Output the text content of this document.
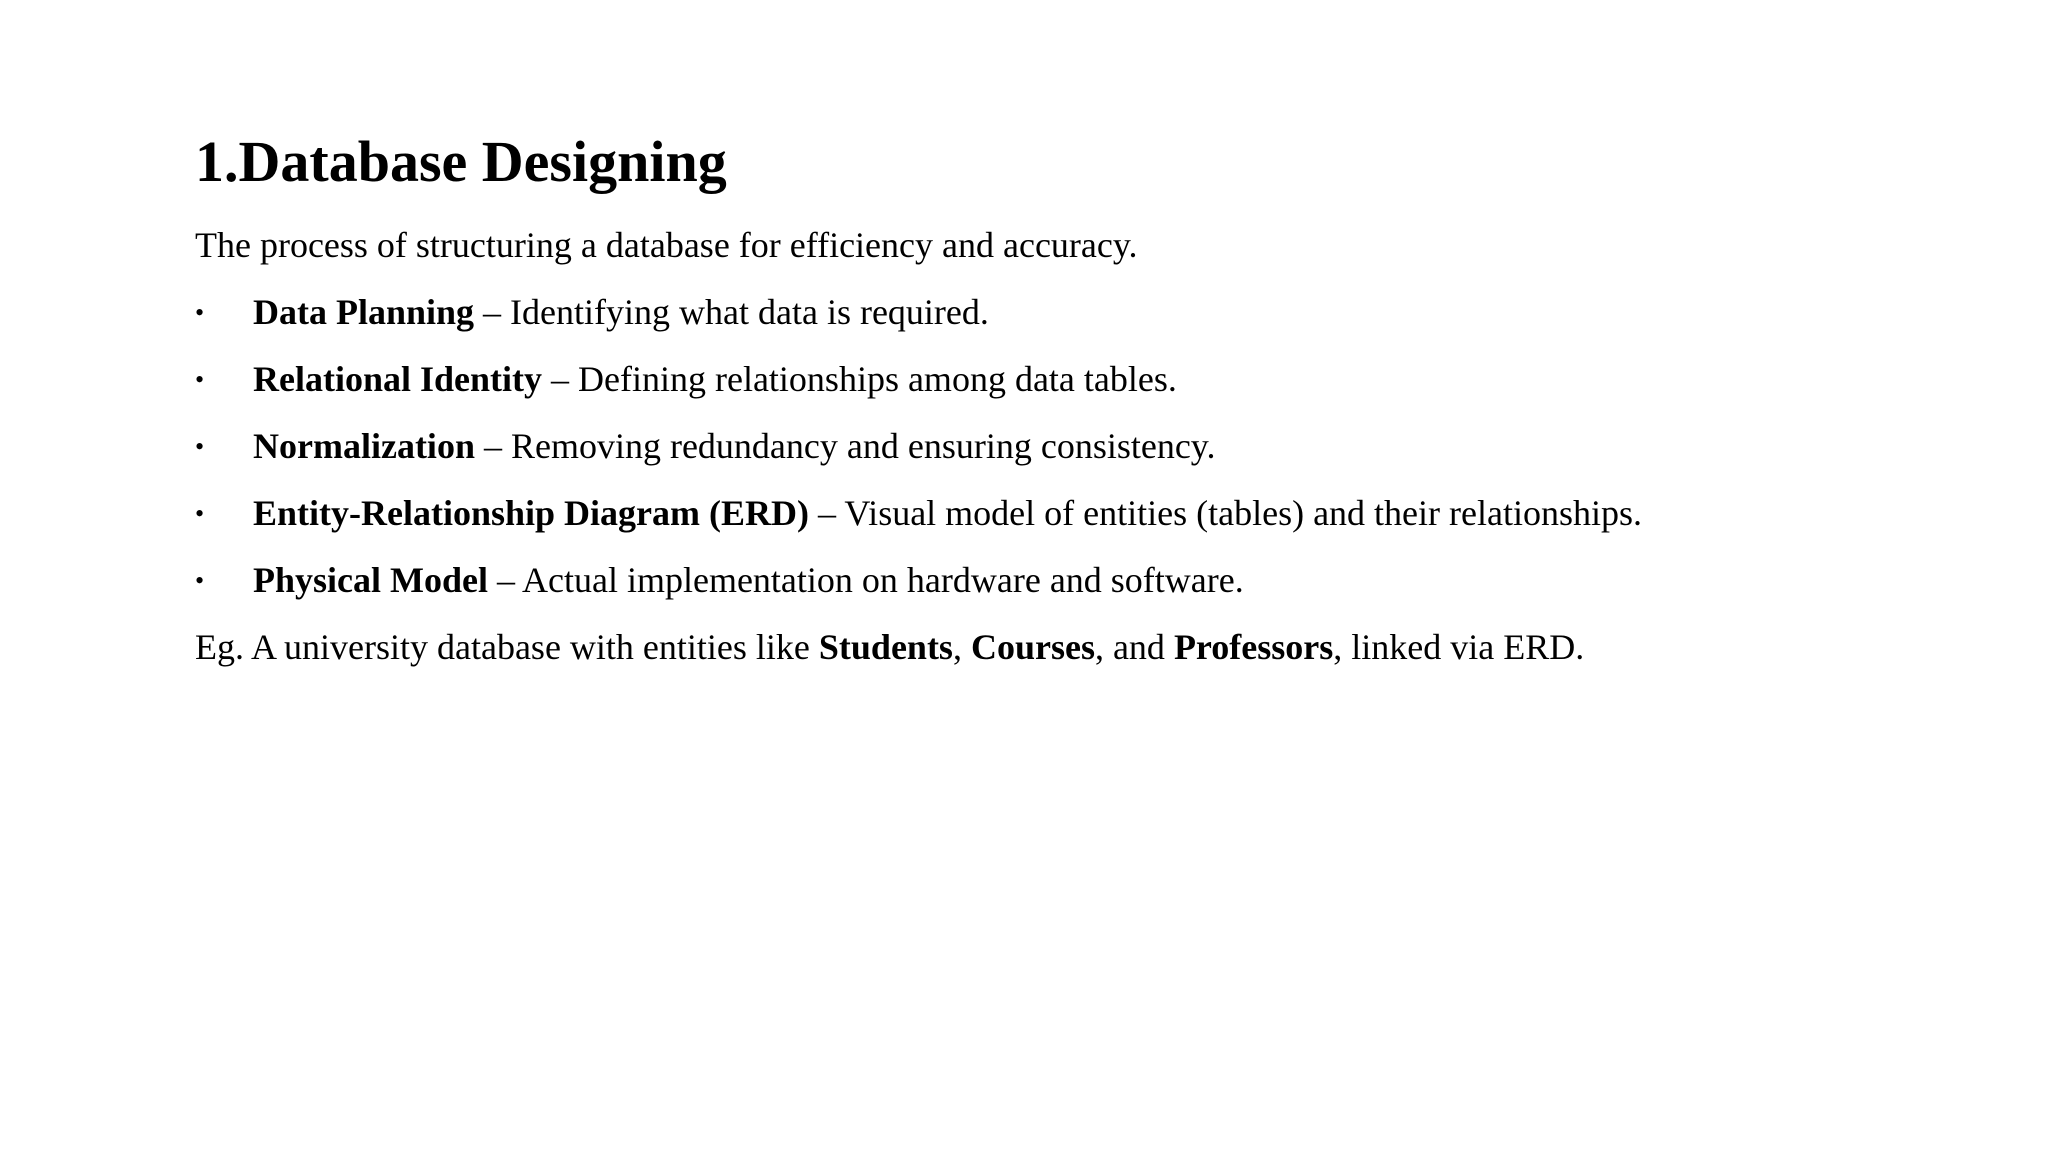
1.Database Designing

The process of structuring a database for efficiency and accuracy.

•	Data Planning – Identifying what data is required.
•	Relational Identity – Defining relationships among data tables.
•	Normalization – Removing redundancy and ensuring consistency.
•	Entity-Relationship Diagram (ERD) – Visual model of entities (tables) and their relationships.
•	Physical Model – Actual implementation on hardware and software.

Eg. A university database with entities like Students, Courses, and Professors, linked via ERD.
